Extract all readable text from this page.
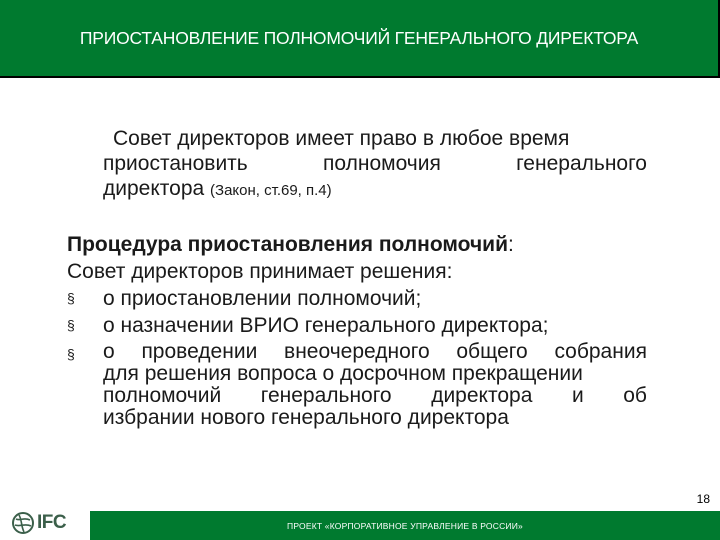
ПРИОСТАНОВЛЕНИЕ ПОЛНОМОЧИЙ ГЕНЕРАЛЬНОГО ДИРЕКТОРА
Совет директоров имеет право в любое время
приостановить	полномочия	генерального
директора (Закон, ст.69, п.4)
Процедура приостановления полномочий:
Совет директоров принимает решения:
§	о приостановлении полномочий;
§	о назначении ВРИО генерального директора;
§	о проведении внеочередного общего собрания
для решения вопроса о досрочном прекращении
полномочий генерального директора и об
избрании нового генерального директора
18
IFC	ПРОЕКТ «КОРПОРАТИВНОЕ УПРАВЛЕНИЕ В РОССИИ»
